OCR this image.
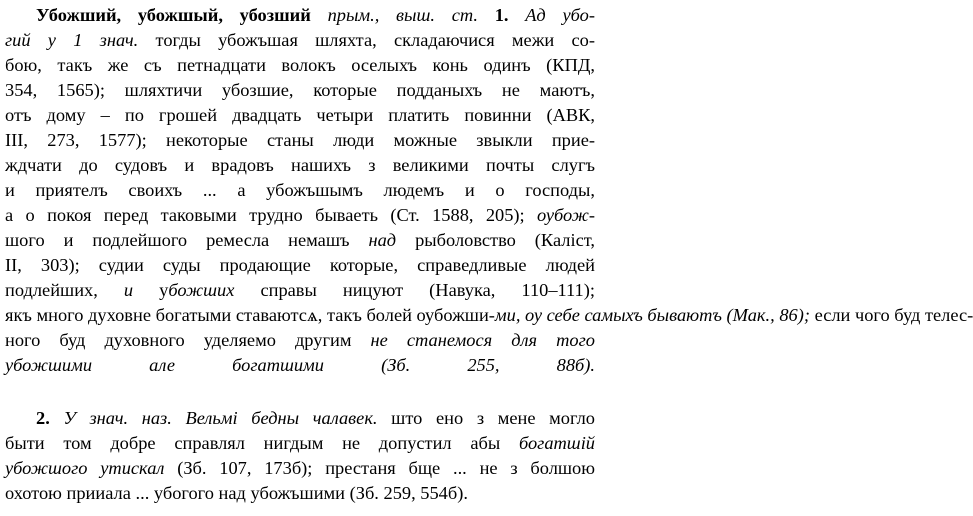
Убожший, убожшый, убозший прым., выш. ст. 1. Ад убо-
гий у 1 знач. тогды убожъшая шляхта, складаючися межи со-
бою, такъ же съ петнадцати волокъ оселыхъ конь одинъ (КПД,
354, 1565); шляхтичи убозшие, которые подданыхъ не маютъ,
отъ дому – по грошей двадцать четыри платить повинни (АВК,
III, 273, 1577); некоторые станы люди можные звыкли прие-
ждчати до судовъ и врадовъ нашихъ з великими почты слугъ
и приятелъ своихъ ... а убожъшымъ людемъ и о господы,
а о покоя перед таковыми трудно бываеть (Ст. 1588, 205); оубож-
шого и подлейшого ремесла немашъ над рыболовство (Каліст,
II, 303); судии суды продающие которые, справедливые людей
подлейших, и убожших справы ницуют (Навука, 110–111);
якъ много духовне богатыми ставаютсѧ, такъ болей оубожши-ми, оу себе самыхъ бываютъ (Мак., 86); если чого буд телес-
ного буд духовного уделяемо другим не станемося для того
убожшими але богатшими (Зб. 255, 88б).
2. У знач. наз. Вельмі бедны чалавек. што ено з мене могло
быти том добре справлял нигдым не допустил абы богатшій
убожшого утискал (Зб. 107, 173б); престаня бще ... не з болшою
охотою прииала ... убогого над убожъшими (Зб. 259, 554б).
